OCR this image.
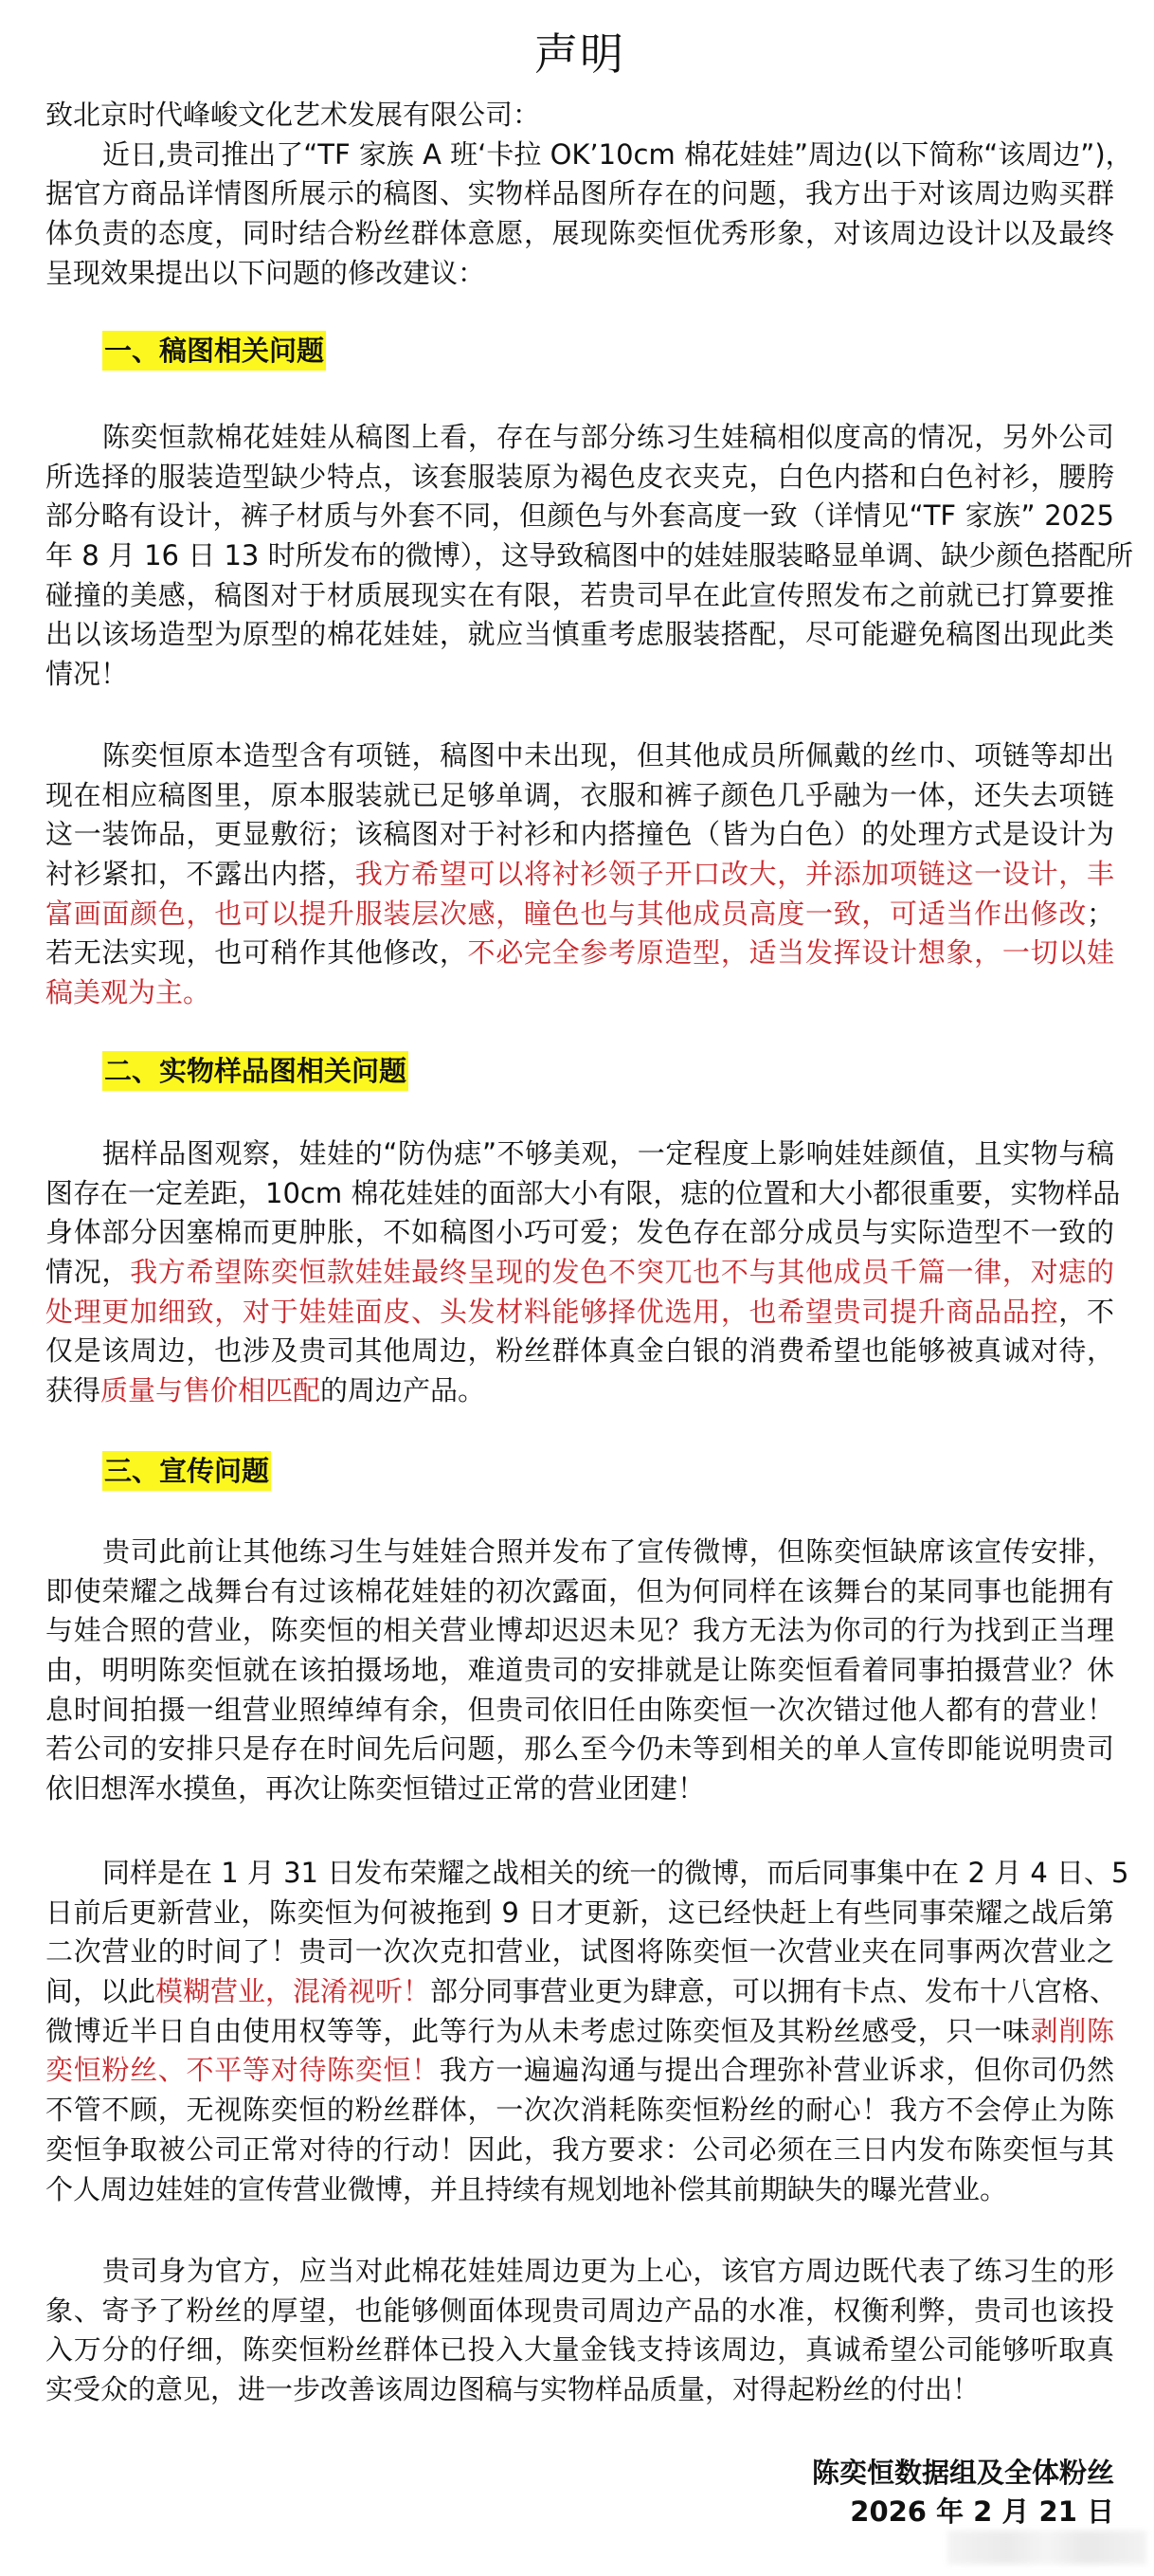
声明
致北京时代峰峻文化艺术发展有限公司：
近日,贵司推出了“TF 家族 A 班‘卡拉 OK’10cm 棉花娃娃”周边(以下简称“该周边”)，
据官方商品详情图所展示的稿图、实物样品图所存在的问题，我方出于对该周边购买群
体负责的态度，同时结合粉丝群体意愿，展现陈奕恒优秀形象，对该周边设计以及最终
呈现效果提出以下问题的修改建议：
一、稿图相关问题
陈奕恒款棉花娃娃从稿图上看，存在与部分练习生娃稿相似度高的情况，另外公司
所选择的服装造型缺少特点，该套服装原为褐色皮衣夹克，白色内搭和白色衬衫，腰胯
部分略有设计，裤子材质与外套不同，但颜色与外套高度一致（详情见“TF 家族” 2025
年 8 月 16 日 13 时所发布的微博），这导致稿图中的娃娃服装略显单调、缺少颜色搭配所
碰撞的美感，稿图对于材质展现实在有限，若贵司早在此宣传照发布之前就已打算要推
出以该场造型为原型的棉花娃娃，就应当慎重考虑服装搭配，尽可能避免稿图出现此类
情况！
陈奕恒原本造型含有项链，稿图中未出现，但其他成员所佩戴的丝巾、项链等却出
现在相应稿图里，原本服装就已足够单调，衣服和裤子颜色几乎融为一体，还失去项链
这一装饰品，更显敷衍；该稿图对于衬衫和内搭撞色（皆为白色）的处理方式是设计为
衬衫紧扣，不露出内搭，我方希望可以将衬衫领子开口改大，并添加项链这一设计，丰
富画面颜色，也可以提升服装层次感，瞳色也与其他成员高度一致，可适当作出修改；
若无法实现，也可稍作其他修改，不必完全参考原造型，适当发挥设计想象，一切以娃
稿美观为主。
二、实物样品图相关问题
据样品图观察，娃娃的“防伪痣”不够美观，一定程度上影响娃娃颜值，且实物与稿
图存在一定差距，10cm 棉花娃娃的面部大小有限，痣的位置和大小都很重要，实物样品
身体部分因塞棉而更肿胀，不如稿图小巧可爱；发色存在部分成员与实际造型不一致的
情况，我方希望陈奕恒款娃娃最终呈现的发色不突兀也不与其他成员千篇一律，对痣的
处理更加细致，对于娃娃面皮、头发材料能够择优选用，也希望贵司提升商品品控，不
仅是该周边，也涉及贵司其他周边，粉丝群体真金白银的消费希望也能够被真诚对待，
获得质量与售价相匹配的周边产品。
三、宣传问题
贵司此前让其他练习生与娃娃合照并发布了宣传微博，但陈奕恒缺席该宣传安排，
即使荣耀之战舞台有过该棉花娃娃的初次露面，但为何同样在该舞台的某同事也能拥有
与娃合照的营业，陈奕恒的相关营业博却迟迟未见？我方无法为你司的行为找到正当理
由，明明陈奕恒就在该拍摄场地，难道贵司的安排就是让陈奕恒看着同事拍摄营业？休
息时间拍摄一组营业照绰绰有余，但贵司依旧任由陈奕恒一次次错过他人都有的营业！
若公司的安排只是存在时间先后问题，那么至今仍未等到相关的单人宣传即能说明贵司
依旧想浑水摸鱼，再次让陈奕恒错过正常的营业团建！
同样是在 1 月 31 日发布荣耀之战相关的统一的微博，而后同事集中在 2 月 4 日、5
日前后更新营业，陈奕恒为何被拖到 9 日才更新，这已经快赶上有些同事荣耀之战后第
二次营业的时间了！贵司一次次克扣营业，试图将陈奕恒一次营业夹在同事两次营业之
间，以此模糊营业，混淆视听！部分同事营业更为肆意，可以拥有卡点、发布十八宫格、
微博近半日自由使用权等等，此等行为从未考虑过陈奕恒及其粉丝感受，只一味剥削陈
奕恒粉丝、不平等对待陈奕恒！我方一遍遍沟通与提出合理弥补营业诉求，但你司仍然
不管不顾，无视陈奕恒的粉丝群体，一次次消耗陈奕恒粉丝的耐心！我方不会停止为陈
奕恒争取被公司正常对待的行动！因此，我方要求：公司必须在三日内发布陈奕恒与其
个人周边娃娃的宣传营业微博，并且持续有规划地补偿其前期缺失的曝光营业。
贵司身为官方，应当对此棉花娃娃周边更为上心，该官方周边既代表了练习生的形
象、寄予了粉丝的厚望，也能够侧面体现贵司周边产品的水准，权衡利弊，贵司也该投
入万分的仔细，陈奕恒粉丝群体已投入大量金钱支持该周边，真诚希望公司能够听取真
实受众的意见，进一步改善该周边图稿与实物样品质量，对得起粉丝的付出！
陈奕恒数据组及全体粉丝
2026 年 2 月 21 日
